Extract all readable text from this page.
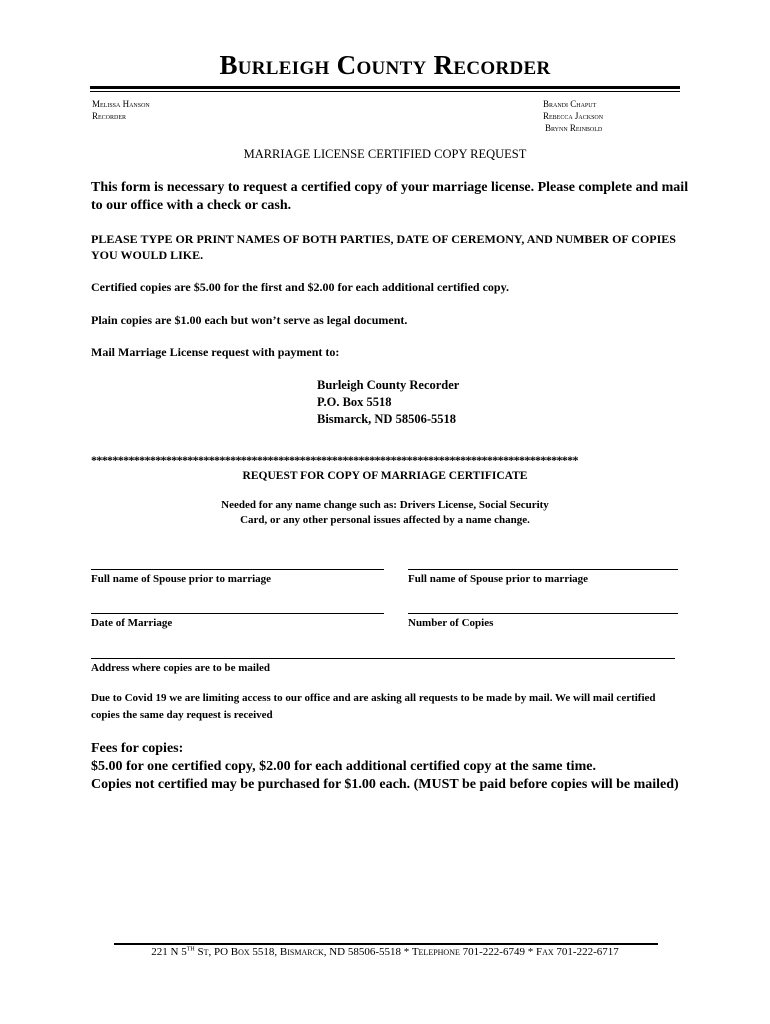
Burleigh County Recorder
Melissa Hanson
Recorder
Brandi Chaput
Rebecca Jackson
Brynn Reinbold
MARRIAGE LICENSE CERTIFIED COPY REQUEST
This form is necessary to request a certified copy of your marriage license. Please complete and mail to our office with a check or cash.
PLEASE TYPE OR PRINT NAMES OF BOTH PARTIES, DATE OF CEREMONY, AND NUMBER OF COPIES YOU WOULD LIKE.
Certified copies are $5.00 for the first and $2.00 for each additional certified copy.
Plain copies are $1.00 each but won’t serve as legal document.
Mail Marriage License request with payment to:
Burleigh County Recorder
P.O. Box 5518
Bismarck, ND 58506-5518
*******************************************************************************************
REQUEST FOR COPY OF MARRIAGE CERTIFICATE
Needed for any name change such as: Drivers License, Social Security
Card, or any other personal issues affected by a name change.
Full name of Spouse prior to marriage	Full name of Spouse prior to marriage
Date of Marriage	Number of Copies
Address where copies are to be mailed
Due to Covid 19 we are limiting access to our office and are asking all requests to be made by mail. We will mail certified copies the same day request is received
Fees for copies:
$5.00 for one certified copy, $2.00 for each additional certified copy at the same time.
Copies not certified may be purchased for $1.00 each. (MUST be paid before copies will be mailed)
221 N 5TH St, PO Box 5518, Bismarck, ND 58506-5518 * Telephone 701-222-6749 * Fax 701-222-6717
